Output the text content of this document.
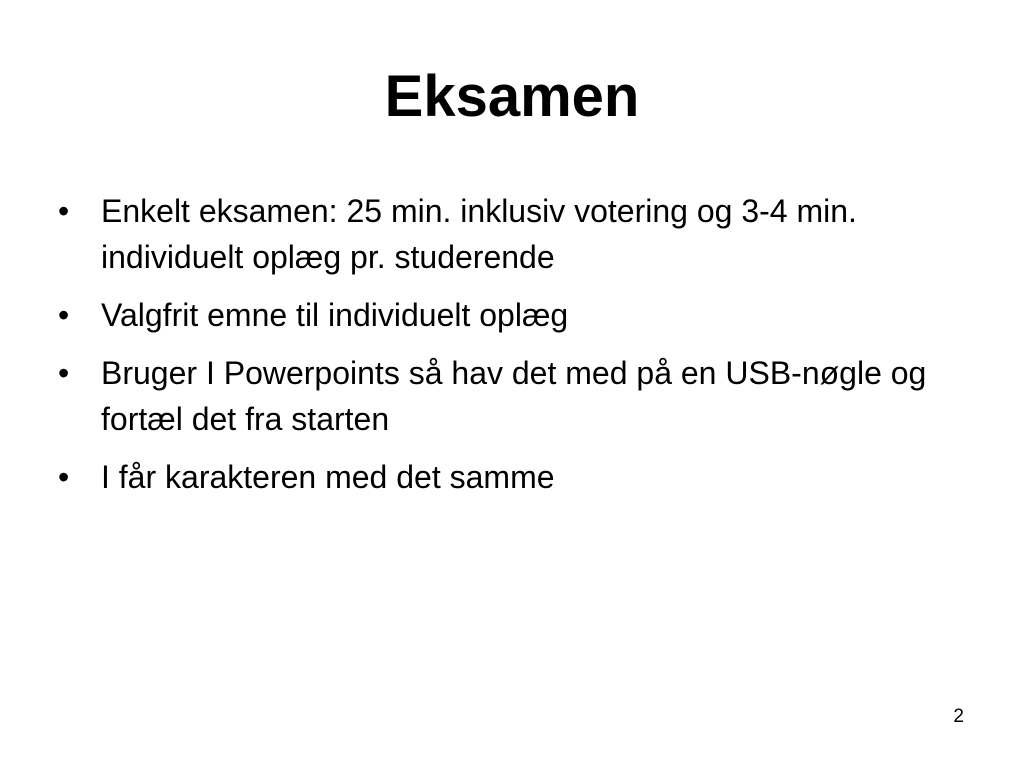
Eksamen
• Enkelt eksamen: 25 min. inklusiv votering og 3-4 min. individuelt oplæg pr. studerende
• Valgfrit emne til individuelt oplæg
• Bruger I Powerpoints så hav det med på en USB-nøgle og fortæl det fra starten
• I får karakteren med det samme
2
